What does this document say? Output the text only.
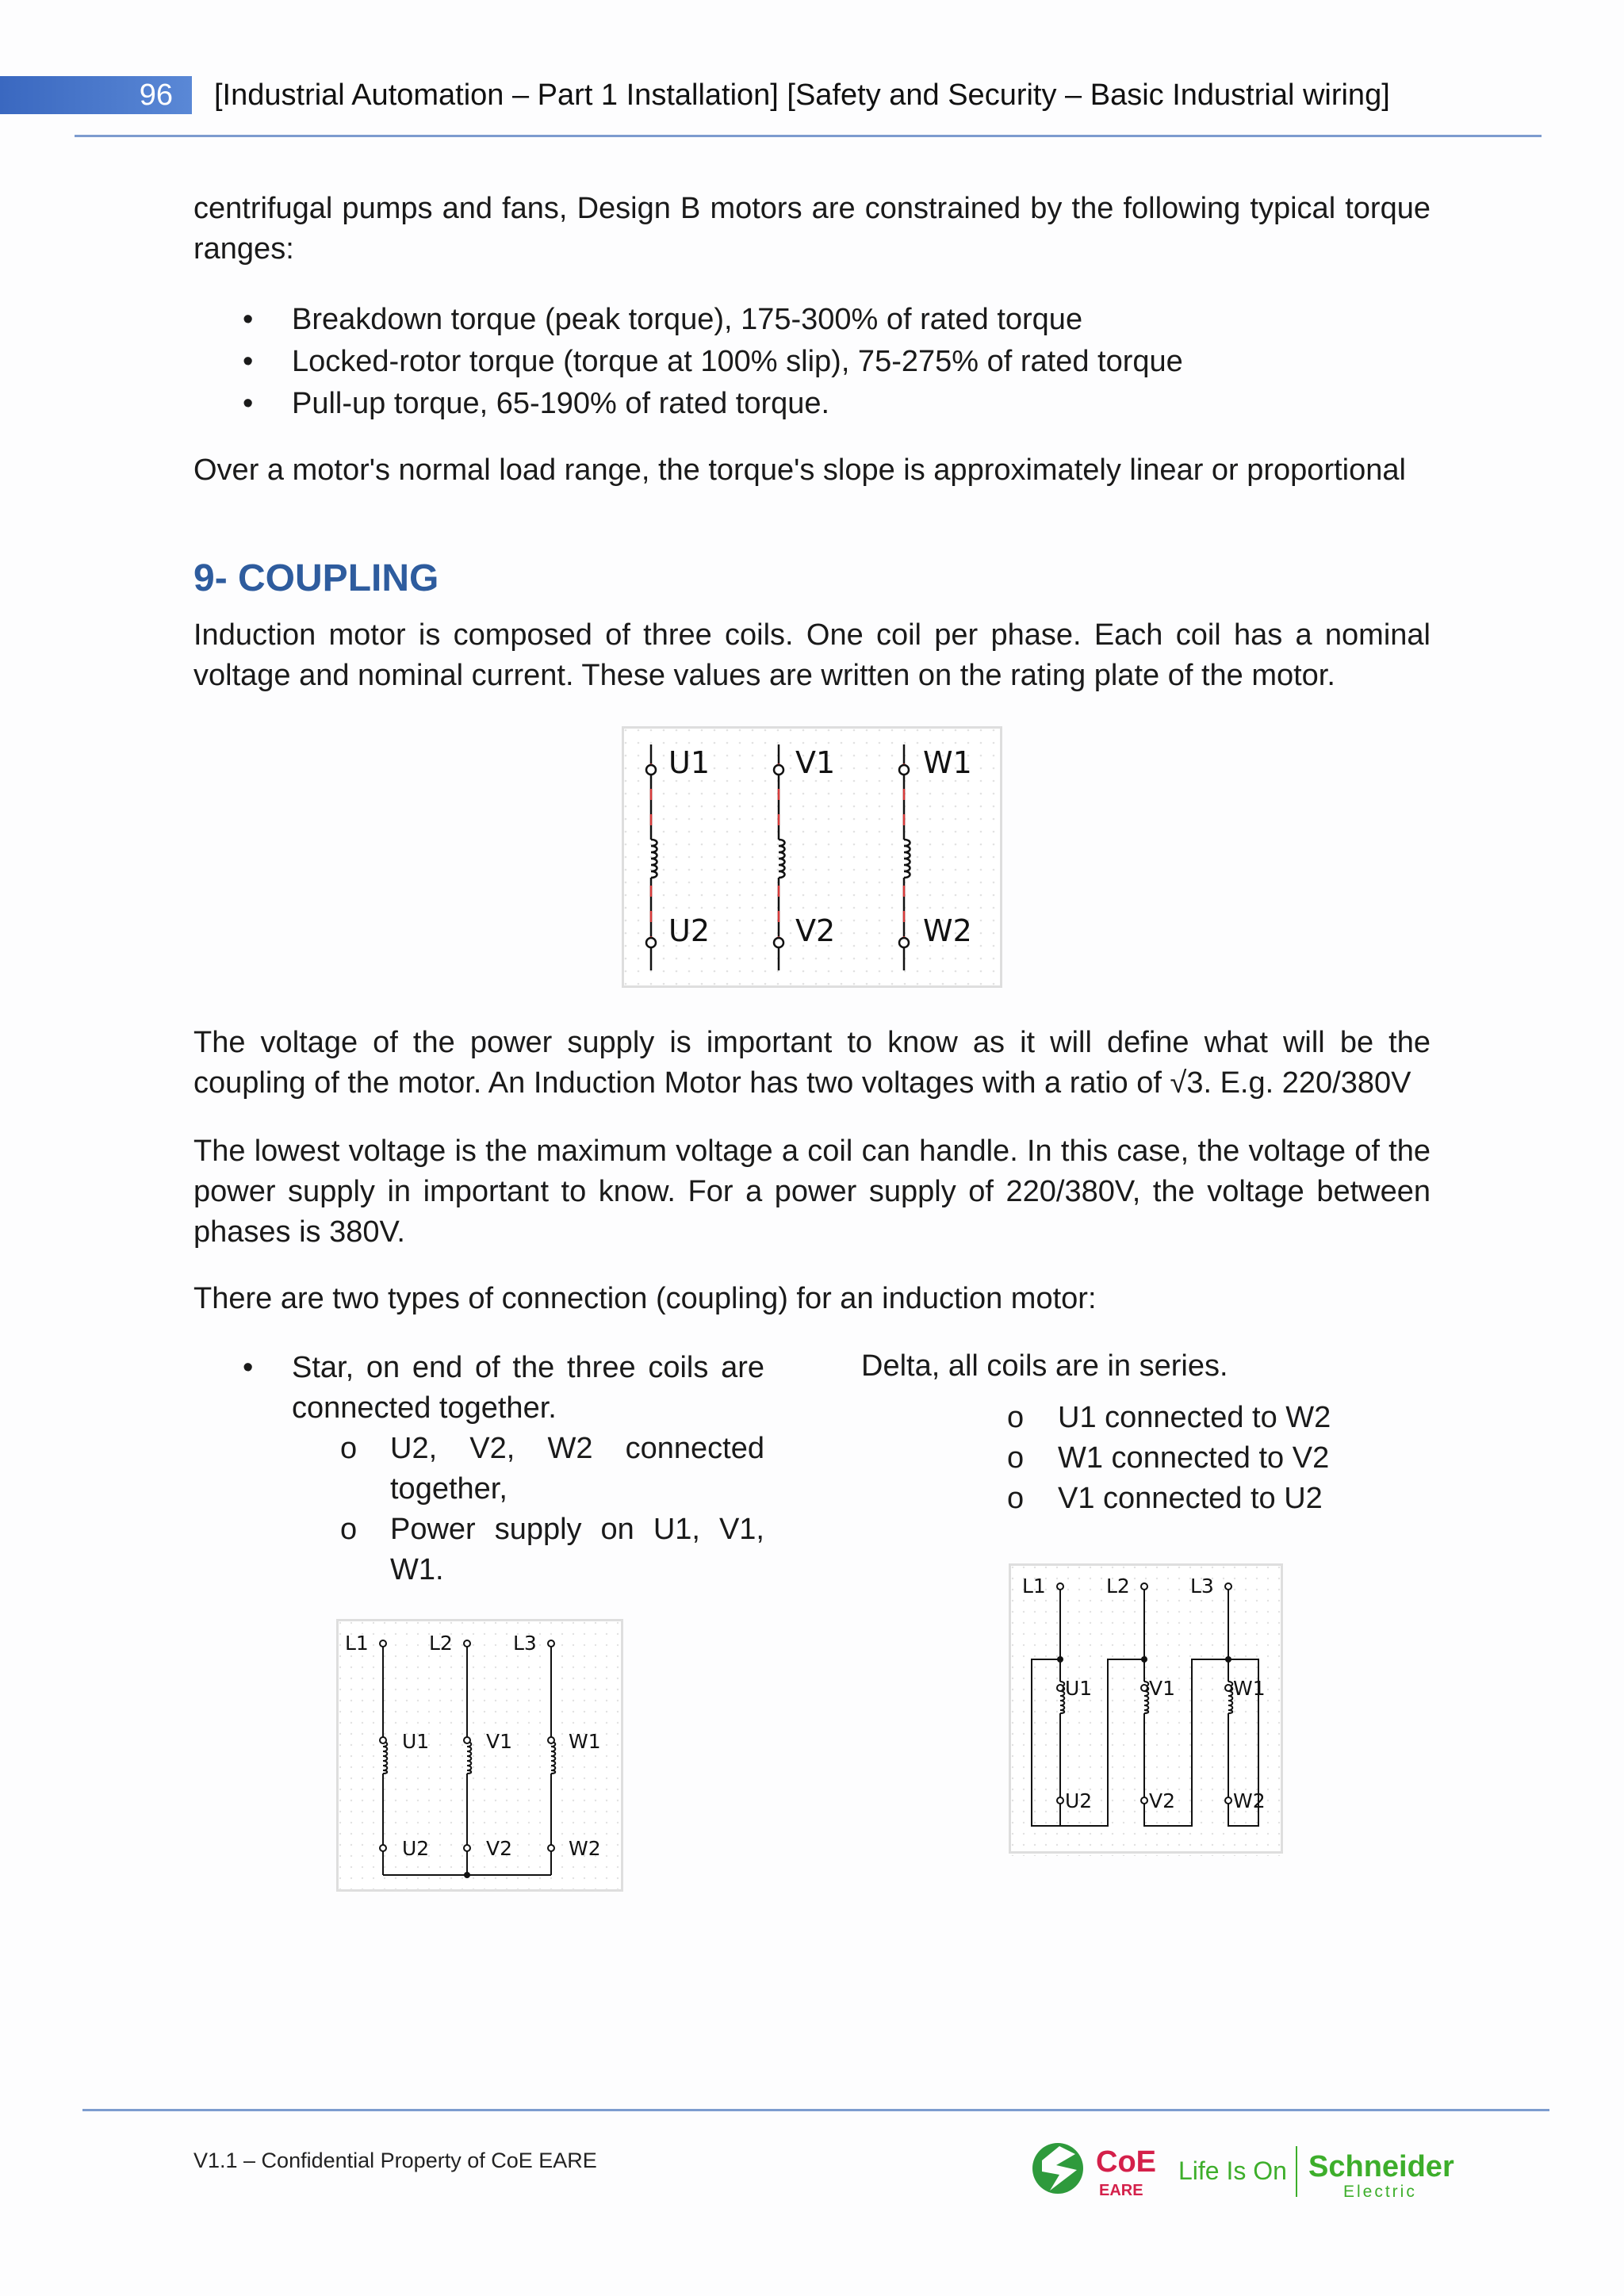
96	[Industrial Automation – Part 1 Installation] [Safety and Security – Basic Industrial wiring]

centrifugal pumps and fans, Design B motors are constrained by the following typical torque ranges:

• Breakdown torque (peak torque), 175-300% of rated torque
• Locked-rotor torque (torque at 100% slip), 75-275% of rated torque
• Pull-up torque, 65-190% of rated torque.

Over a motor's normal load range, the torque's slope is approximately linear or proportional

9- COUPLING

Induction motor is composed of three coils. One coil per phase. Each coil has a nominal voltage and nominal current. These values are written on the rating plate of the motor.

U1	V1	W1
U2	V2	W2

The voltage of the power supply is important to know as it will define what will be the coupling of the motor. An Induction Motor has two voltages with a ratio of √3. E.g. 220/380V

The lowest voltage is the maximum voltage a coil can handle. In this case, the voltage of the power supply in important to know. For a power supply of 220/380V, the voltage between phases is 380V.

There are two types of connection (coupling) for an induction motor:

• Star, on end of the three coils are connected together.

o U2, V2, W2 connected together,

o Power supply on U1, V1, W1.

Delta, all coils are in series.

o U1 connected to W2
o W1 connected to V2
o V1 connected to U2
L1	L2	L3
U1	V1	W1
U2	V2	W2
L1	L2	L3
U1	V1	W1
U2	V2	W2
V1.1 – Confidential Property of CoE EARE	CoE
EARE
Life Is On Schneider
Electric
